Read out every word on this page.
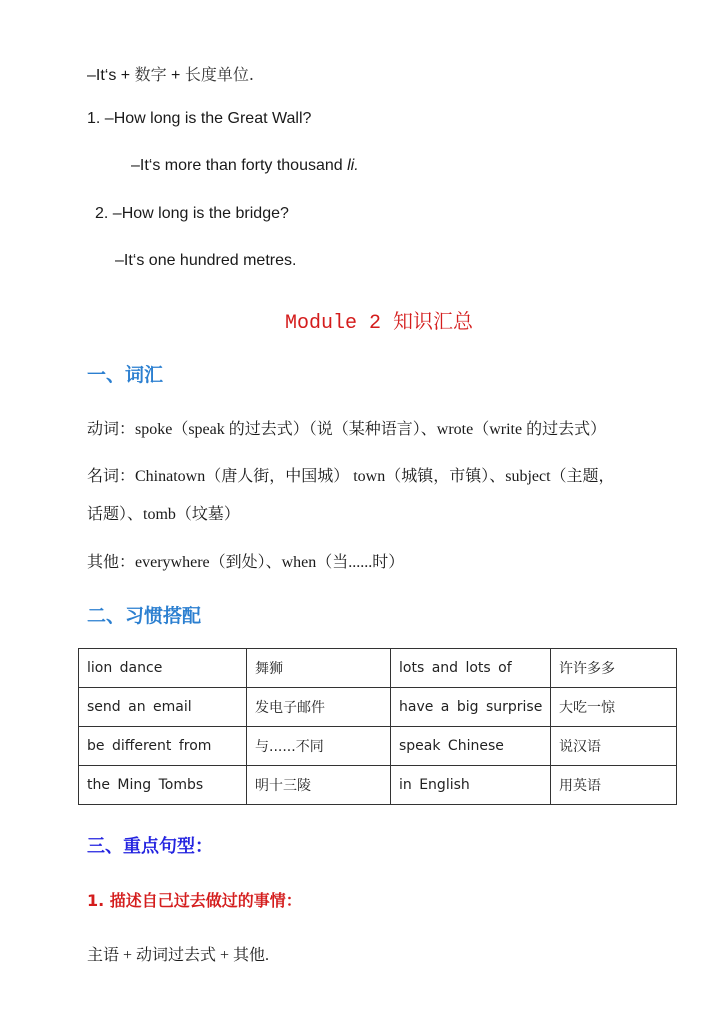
–It‘s + 数字 + 长度单位.
1. –How long is the Great Wall?
–It‘s more than forty thousand li.
2. –How long is the bridge?
–It‘s one hundred metres.
Module 2 知识汇总
一、词汇
动词：spoke（speak 的过去式）（说（某种语言）、wrote（write 的过去式）
名词：Chinatown（唐人街，中国城） town（城镇，市镇）、subject（主题，
话题）、tomb（坟墓）
其他：everywhere（到处）、when（当......时）
二、习惯搭配
lion dance	舞狮	lots and lots of	许许多多
send an email	发电子邮件	have a big surprise	大吃一惊
be different from	与......不同	speak Chinese	说汉语
the Ming Tombs	明十三陵	in English	用英语
三、重点句型：
1. 描述自己过去做过的事情：
主语 + 动词过去式 + 其他.
